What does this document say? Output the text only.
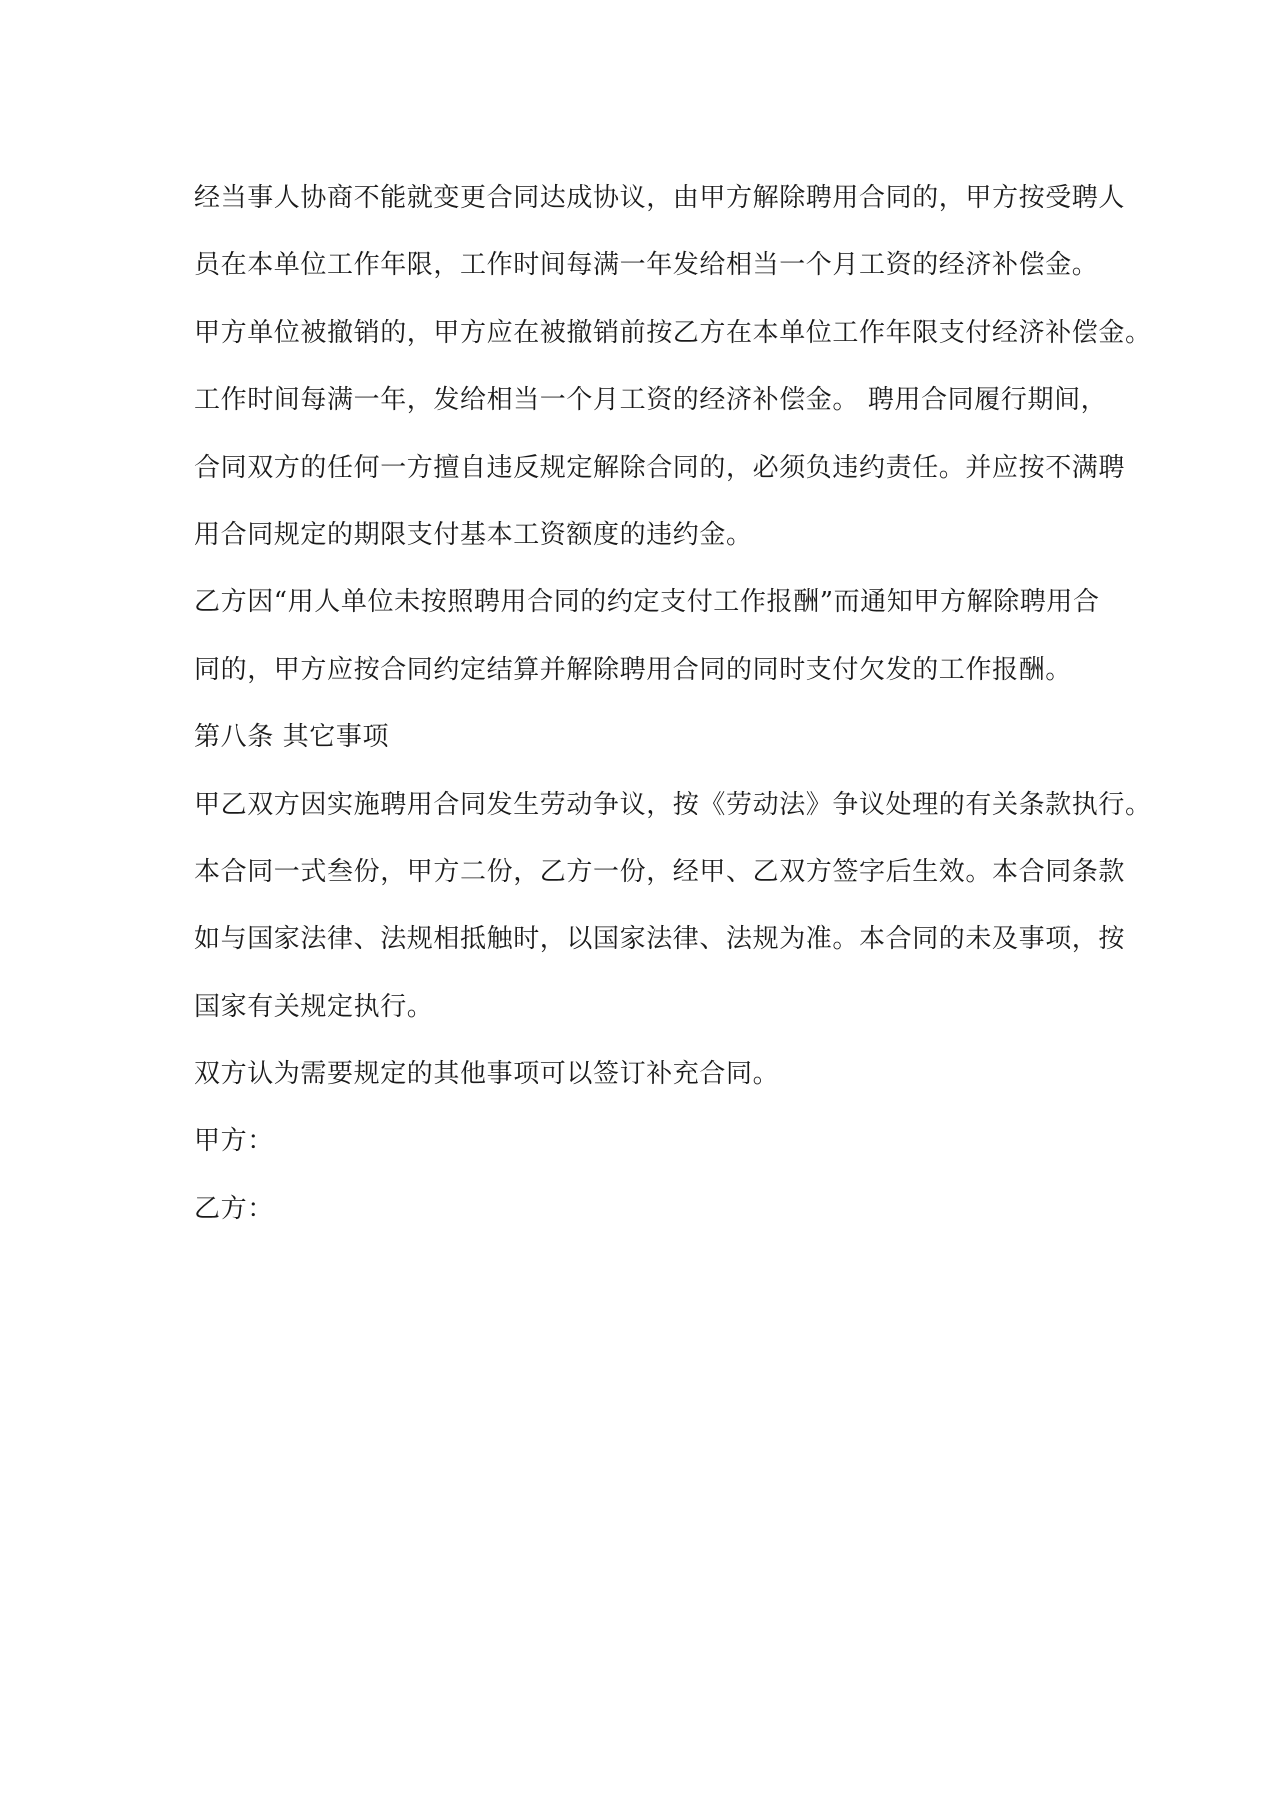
经当事人协商不能就变更合同达成协议，由甲方解除聘用合同的，甲方按受聘人
员在本单位工作年限，工作时间每满一年发给相当一个月工资的经济补偿金。
甲方单位被撤销的，甲方应在被撤销前按乙方在本单位工作年限支付经济补偿金。
工作时间每满一年，发给相当一个月工资的经济补偿金。 聘用合同履行期间，
合同双方的任何一方擅自违反规定解除合同的，必须负违约责任。并应按不满聘
用合同规定的期限支付基本工资额度的违约金。
乙方因“用人单位未按照聘用合同的约定支付工作报酬”而通知甲方解除聘用合
同的，甲方应按合同约定结算并解除聘用合同的同时支付欠发的工作报酬。
第八条 其它事项
甲乙双方因实施聘用合同发生劳动争议，按《劳动法》争议处理的有关条款执行。
本合同一式叁份，甲方二份，乙方一份，经甲、乙双方签字后生效。本合同条款
如与国家法律、法规相抵触时，以国家法律、法规为准。本合同的未及事项，按
国家有关规定执行。
双方认为需要规定的其他事项可以签订补充合同。
甲方：
乙方：
